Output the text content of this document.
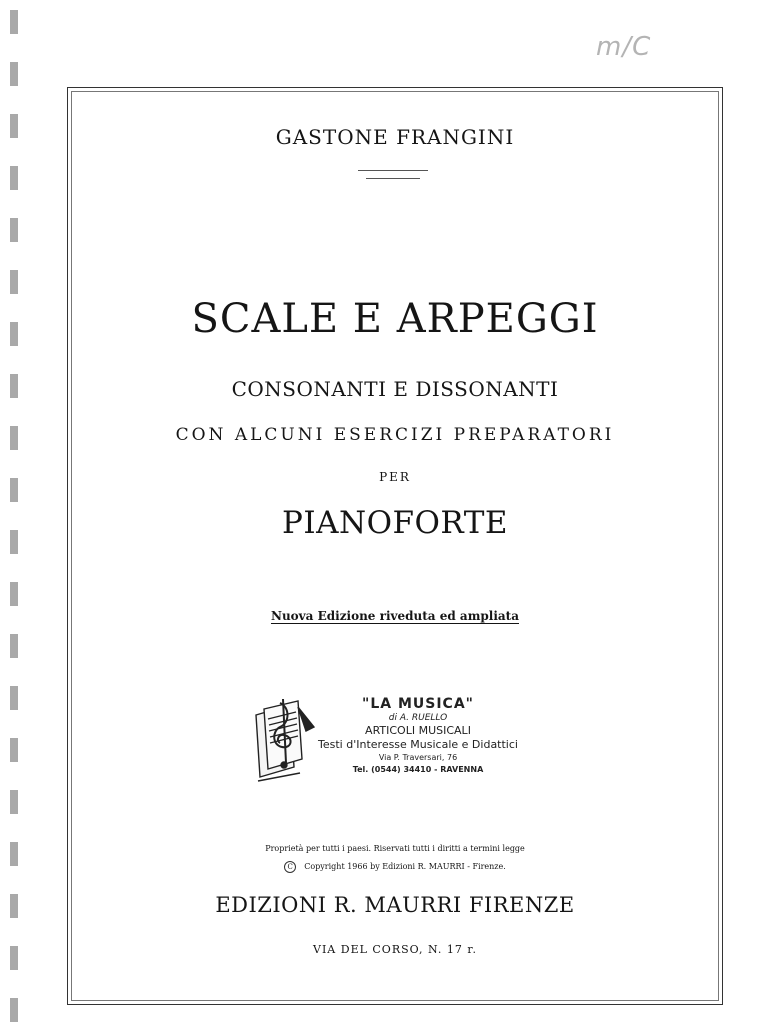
m/C
GASTONE FRANGINI
SCALE E ARPEGGI
CONSONANTI E DISSONANTI
CON ALCUNI ESERCIZI PREPARATORI
PER
PIANOFORTE
Nuova Edizione riveduta ed ampliata
"LA MUSICA"
di A. RUELLO
ARTICOLI MUSICALI
Testi d'Interesse Musicale e Didattici
Via P. Traversari, 76
Tel. (0544) 34410 - RAVENNA
Proprietà per tutti i paesi. Riservati tutti i diritti a termini legge
C Copyright 1966 by Edizioni R. MAURRI - Firenze.
EDIZIONI R. MAURRI FIRENZE
VIA DEL CORSO, N. 17 r.
